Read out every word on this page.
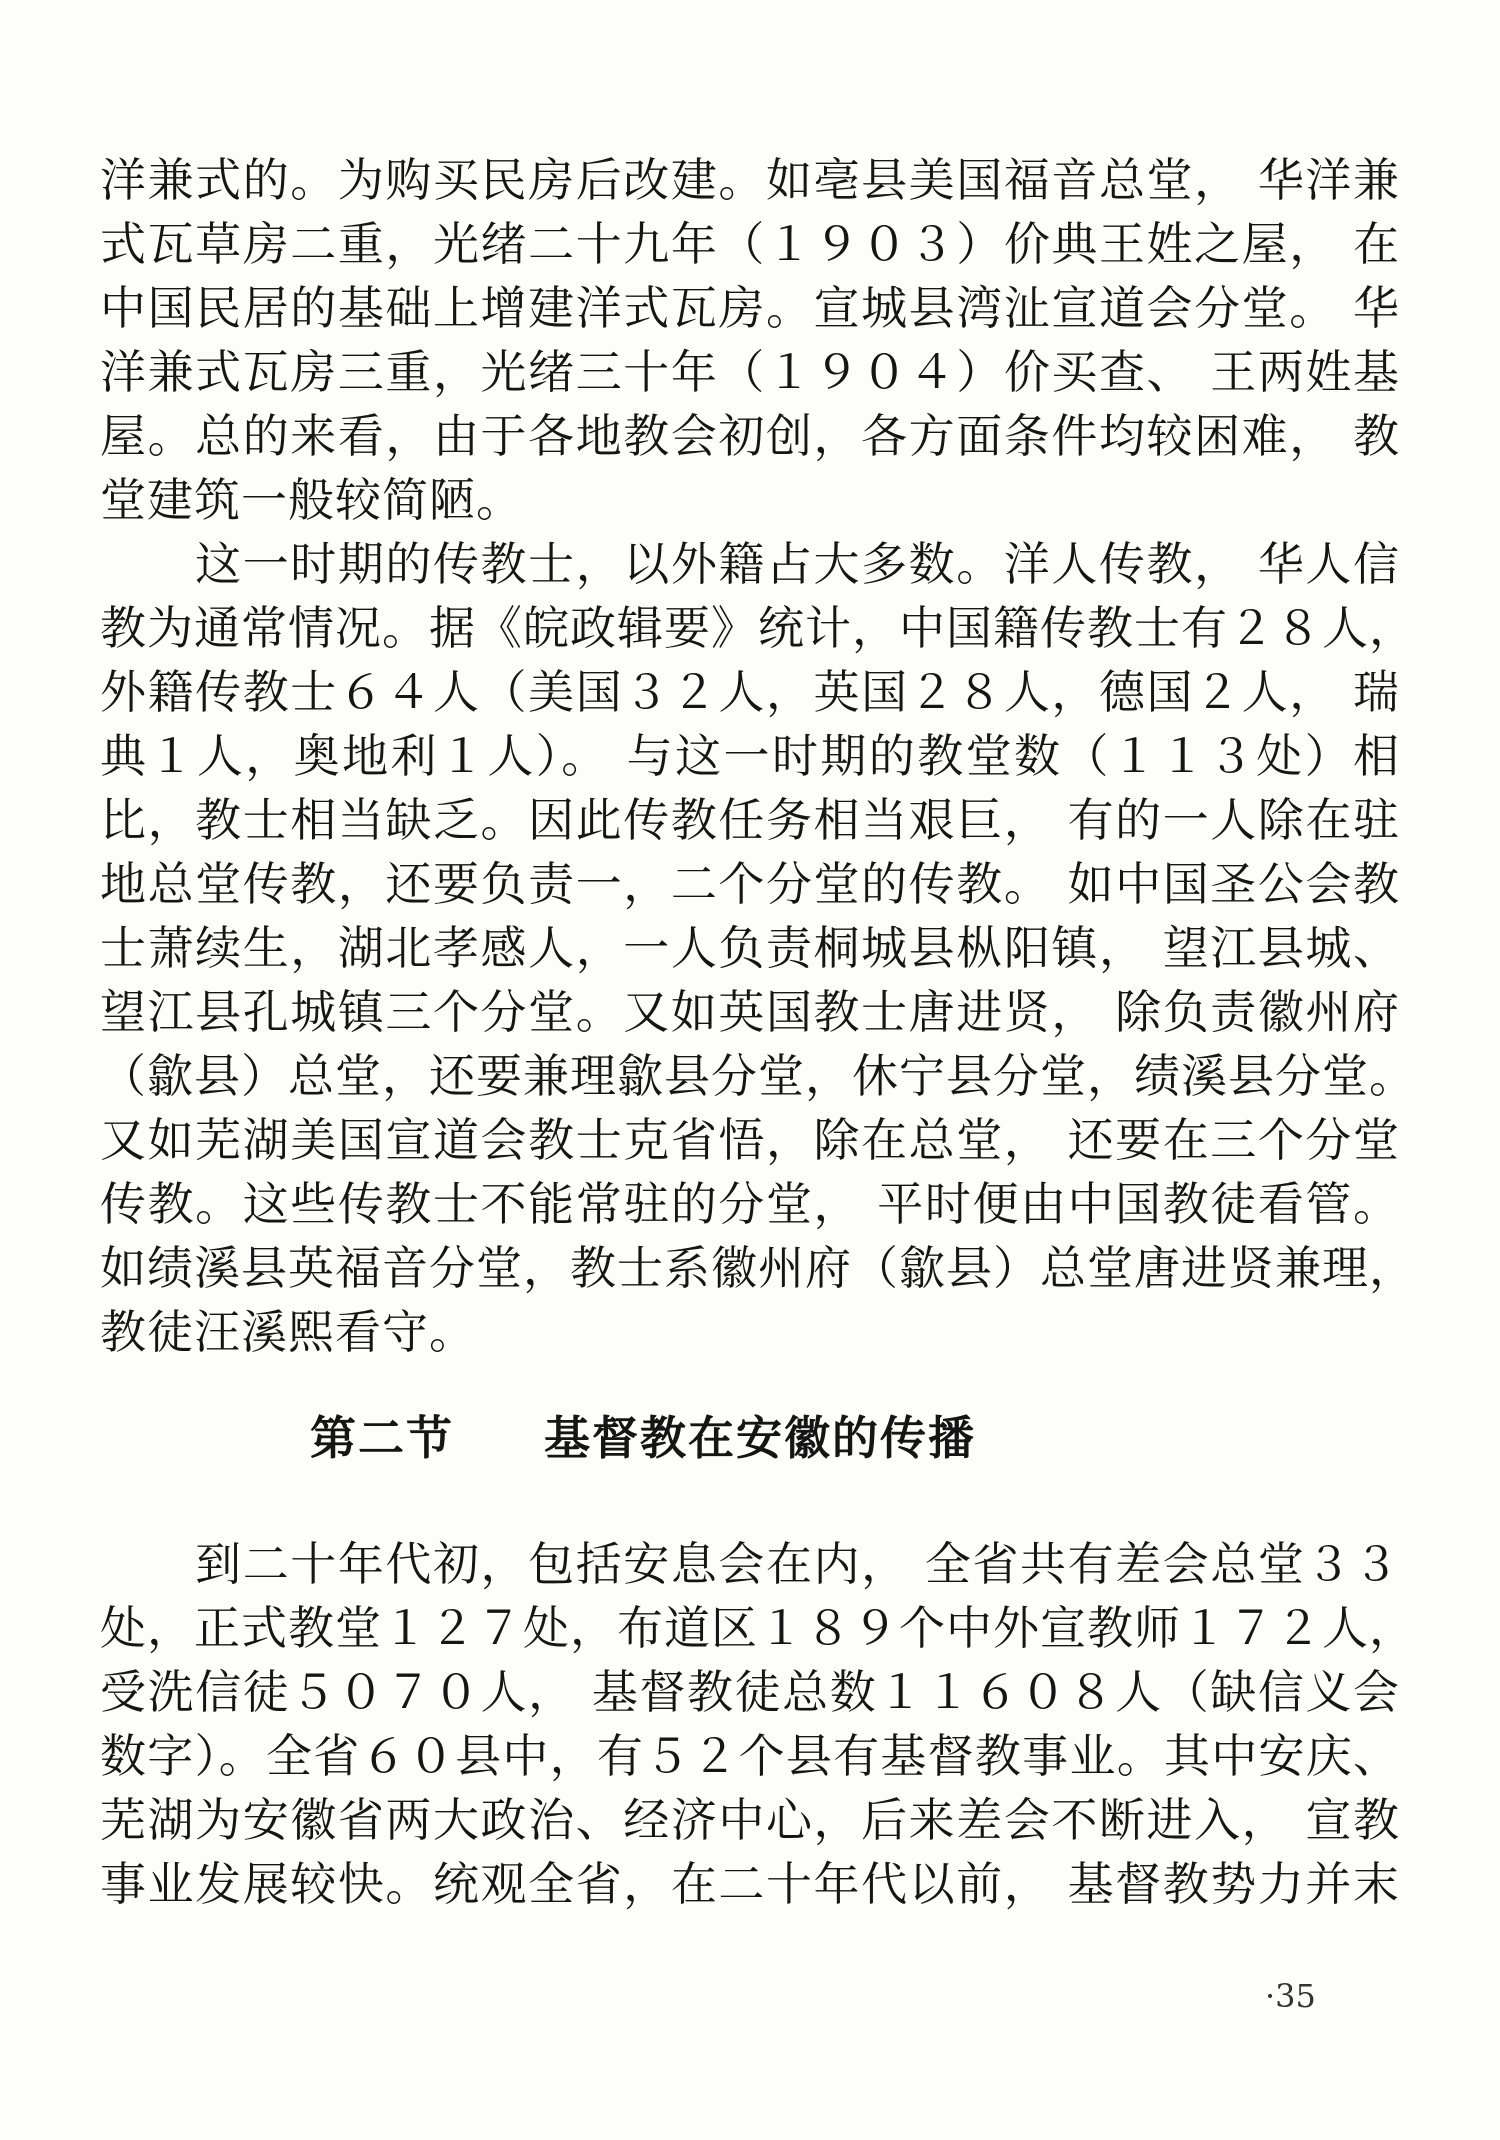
洋兼式的。为购买民房后改建。如亳县美国福音总堂， 华洋兼
式瓦草房二重，光绪二十九年（１９０３）价典王姓之屋， 在
中国民居的基础上增建洋式瓦房。宣城县湾沚宣道会分堂。 华
洋兼式瓦房三重，光绪三十年（１９０４）价买查、 王两姓基
屋。总的来看，由于各地教会初创，各方面条件均较困难， 教
堂建筑一般较简陋。
　　这一时期的传教士，以外籍占大多数。洋人传教， 华人信
教为通常情况。据《皖政辑要》统计，中国籍传教士有２８人，
外籍传教士６４人（美国３２人，英国２８人，德国２人， 瑞
典１人，奥地利１人）。 与这一时期的教堂数（１１３处）相
比，教士相当缺乏。因此传教任务相当艰巨， 有的一人除在驻
地总堂传教，还要负责一，二个分堂的传教。 如中国圣公会教
士萧续生，湖北孝感人，一人负责桐城县枞阳镇， 望江县城、
望江县孔城镇三个分堂。又如英国教士唐进贤， 除负责徽州府
（歙县）总堂，还要兼理歙县分堂，休宁县分堂，绩溪县分堂。
又如芜湖美国宣道会教士克省悟，除在总堂， 还要在三个分堂
传教。这些传教士不能常驻的分堂， 平时便由中国教徒看管。
如绩溪县英福音分堂，教士系徽州府（歙县）总堂唐进贤兼理，
教徒汪溪熙看守。
第二节 基督教在安徽的传播
　　到二十年代初，包括安息会在内， 全省共有差会总堂３３
处，正式教堂１２７处，布道区１８９个中外宣教师１７２人，
受洗信徒５０７０人， 基督教徒总数１１６０８人（缺信义会
数字）。全省６０县中，有５２个县有基督教事业。其中安庆、
芜湖为安徽省两大政治、经济中心，后来差会不断进入， 宣教
事业发展较快。统观全省，在二十年代以前， 基督教势力并末
·35
